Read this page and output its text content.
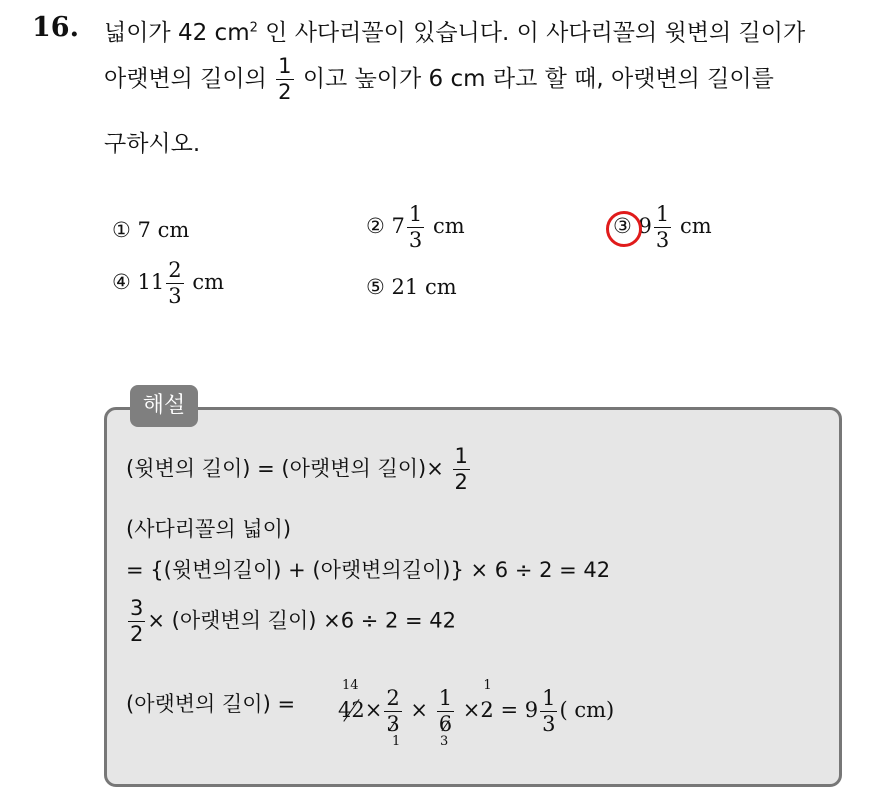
16. 넓이가 42 $cm^2$ 인 사다리꼴이 있습니다. 이 사다리꼴의 윗변의 길이가
아랫변의 길이의 $\frac{1}{2}$ 이고 높이가 6 cm 라고 할 때, 아랫변의 길이를
구하시오.
① 7 cm	② $7 \frac{1}{3}$ cm	③ $9 \frac{1}{3}$ cm
④ $11 \frac{2}{3}$ cm	⑤ 21 cm
해설
(윗변의 길이) = (아랫변의 길이)× $\frac{1}{2}$
(사다리꼴의 넓이)
= {(윗변의길이) + (아랫변의길이)} × 6 ÷ 2 = 42
$\frac{3}{2}$ × (아랫변의 길이) ×6 ÷ 2 = 42
(아랫변의 길이) = 42
14
× $\frac{2}{3} \times \frac{1}{6} \times 2$
1
= $9 \frac{1}{3}$ ( cm)
1	3
